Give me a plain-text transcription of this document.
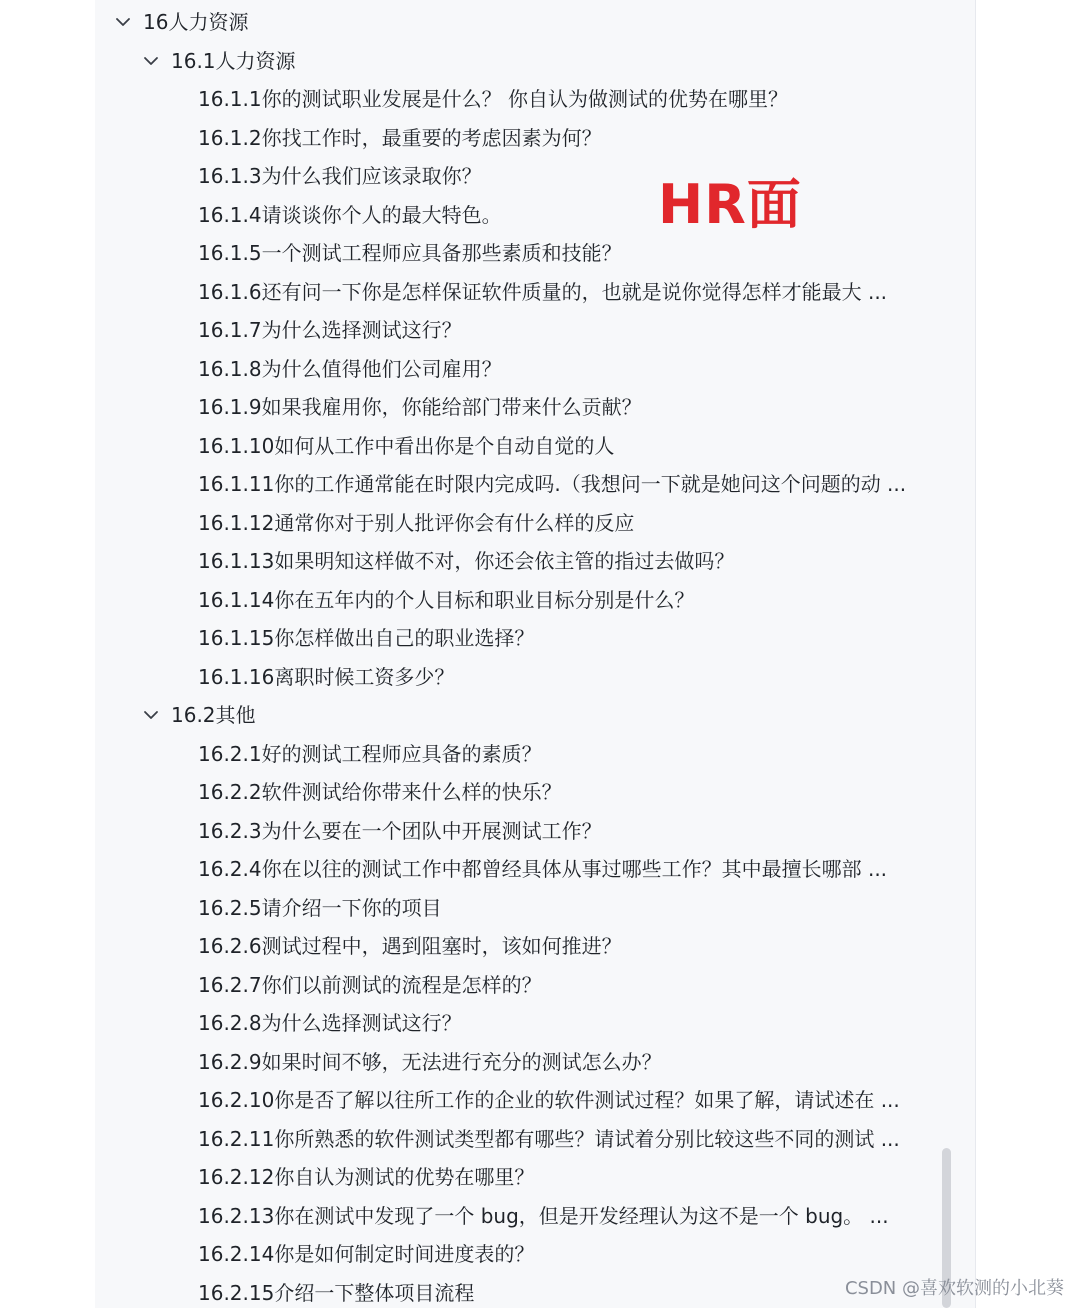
16人力资源
16.1人力资源
16.1.1你的测试职业发展是什么？ 你自认为做测试的优势在哪里？
16.1.2你找工作时，最重要的考虑因素为何？
16.1.3为什么我们应该录取你？
16.1.4请谈谈你个人的最大特色。
16.1.5一个测试工程师应具备那些素质和技能？
16.1.6还有问一下你是怎样保证软件质量的，也就是说你觉得怎样才能最大 ...
16.1.7为什么选择测试这行？
16.1.8为什么值得他们公司雇用？
16.1.9如果我雇用你，你能给部门带来什么贡献？
16.1.10如何从工作中看出你是个自动自觉的人
16.1.11你的工作通常能在时限内完成吗.（我想问一下就是她问这个问题的动 ...
16.1.12通常你对于别人批评你会有什么样的反应
16.1.13如果明知这样做不对，你还会依主管的指过去做吗？
16.1.14你在五年内的个人目标和职业目标分别是什么？
16.1.15你怎样做出自己的职业选择？
16.1.16离职时候工资多少？
16.2其他
16.2.1好的测试工程师应具备的素质？
16.2.2软件测试给你带来什么样的快乐？
16.2.3为什么要在一个团队中开展测试工作？
16.2.4你在以往的测试工作中都曾经具体从事过哪些工作？其中最擅长哪部 ...
16.2.5请介绍一下你的项目
16.2.6测试过程中，遇到阻塞时，该如何推进？
16.2.7你们以前测试的流程是怎样的？
16.2.8为什么选择测试这行？
16.2.9如果时间不够，无法进行充分的测试怎么办？
16.2.10你是否了解以往所工作的企业的软件测试过程？如果了解，请试述在 ...
16.2.11你所熟悉的软件测试类型都有哪些？请试着分别比较这些不同的测试 ...
16.2.12你自认为测试的优势在哪里？
16.2.13你在测试中发现了一个 bug，但是开发经理认为这不是一个 bug。 ...
16.2.14你是如何制定时间进度表的？
16.2.15介绍一下整体项目流程
HR面
CSDN @喜欢软测的小北葵
